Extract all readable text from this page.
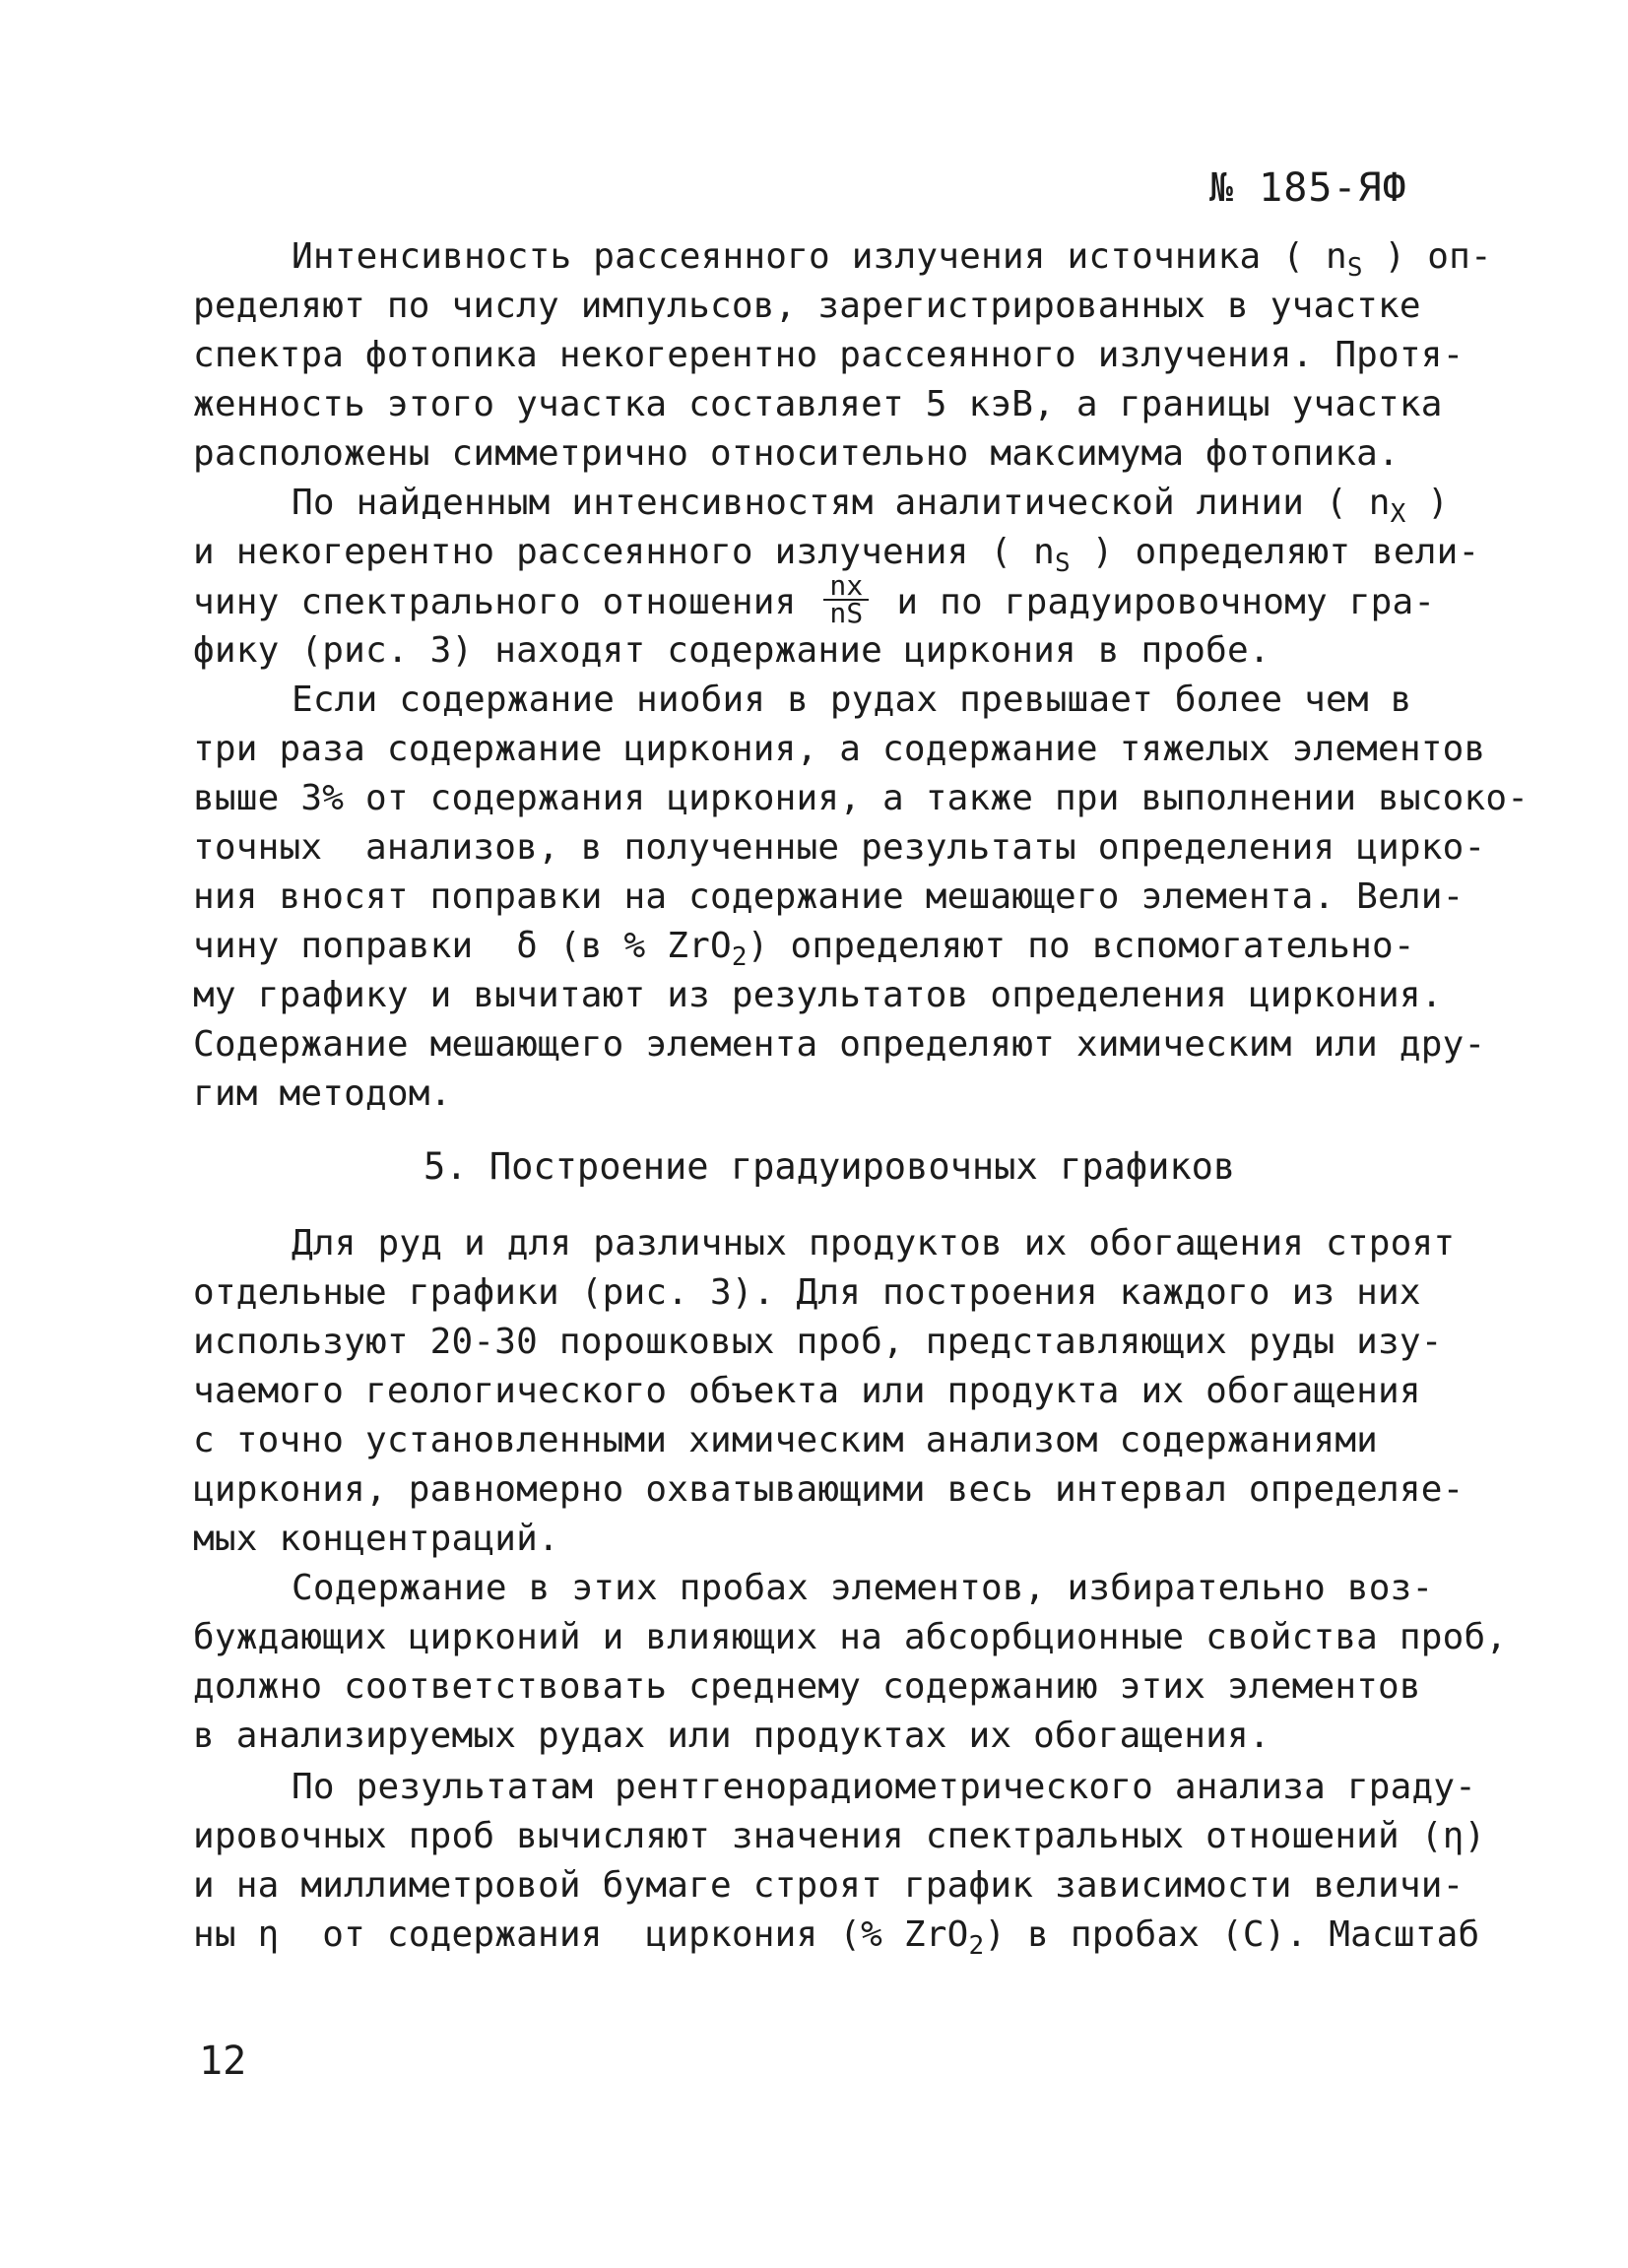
№ 185-ЯФ
Интенсивность рассеянного излучения источника ( $n_S$ ) оп-
ределяют по числу импульсов, зарегистрированных в участке
спектра фотопика некогерентно рассеянного излучения. Протя-
женность этого участка составляет 5 кэВ, а границы участка
расположены симметрично относительно максимума фотопика.
По найденным интенсивностям аналитической линии ( $n_X$ )
и некогерентно рассеянного излучения ( $n_S$ ) определяют вели-
чину спектрального отношения $\frac{nx}{nS}$ и по градуировочному гра-
фику (рис. 3) находят содержание циркония в пробе.
Если содержание ниобия в рудах превышает более чем в
три раза содержание циркония, а содержание тяжелых элементов
выше 3% от содержания циркония, а также при выполнении высоко-
точных  анализов, в полученные результаты определения цирко-
ния вносят поправки на содержание мешающего элемента. Вели-
чину поправки  δ (в % ZrO$_2$) определяют по вспомогательно-
му графику и вычитают из результатов определения циркония.
Содержание мешающего элемента определяют химическим или дру-
гим методом.
5. Построение градуировочных графиков
Для руд и для различных продуктов их обогащения строят
отдельные графики (рис. 3). Для построения каждого из них
используют 20-30 порошковых проб, представляющих руды изу-
чаемого геологического объекта или продукта их обогащения
с точно установленными химическим анализом содержаниями
циркония, равномерно охватывающими весь интервал определяе-
мых концентраций.
Содержание в этих пробах элементов, избирательно воз-
буждающих цирконий и влияющих на абсорбционные свойства проб,
должно соответствовать среднему содержанию этих элементов
в анализируемых рудах или продуктах их обогащения.
По результатам рентгенорадиометрического анализа граду-
ировочных проб вычисляют значения спектральных отношений (η)
и на миллиметровой бумаге строят график зависимости величи-
ны η  от содержания  циркония (% ZrO$_2$) в пробах (С). Масштаб
12
